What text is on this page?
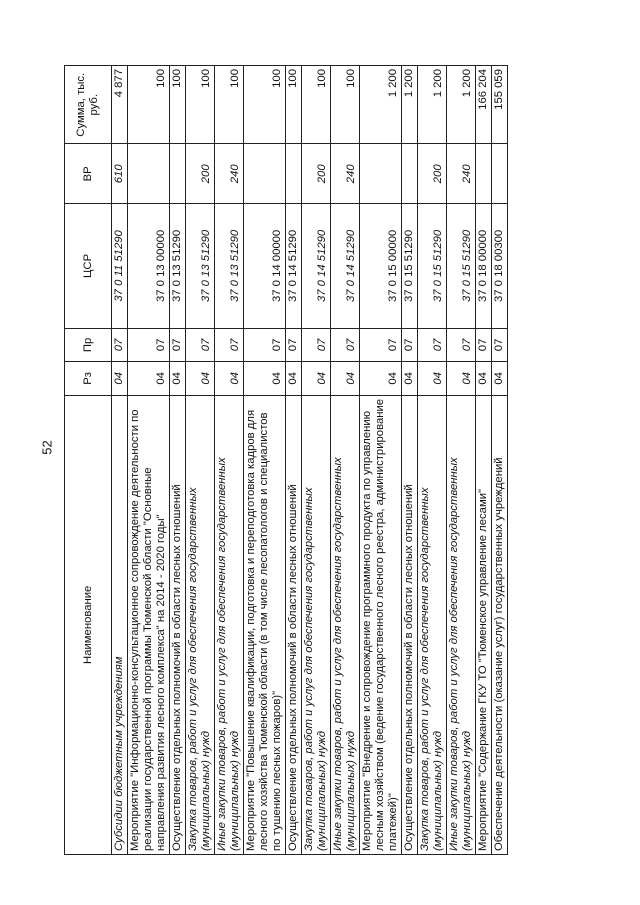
52
Наименование	Рз	Пр	ЦСР	ВР	Сумма, тыс. руб.
Субсидии бюджетным учреждениям	04	07	37 0 11 51290	610	4 877
Мероприятие "Информационно-консультационное сопровождение деятельности по реализации государственной программы Тюменской области "Основные направления развития лесного комплекса" на 2014 - 2020 годы"	04	07	37 0 13 00000		100
Осуществление отдельных полномочий в области лесных отношений	04	07	37 0 13 51290		100
Закупка товаров, работ и услуг для обеспечения государственных (муниципальных) нужд	04	07	37 0 13 51290	200	100
Иные закупки товаров, работ и услуг для обеспечения государственных (муниципальных) нужд	04	07	37 0 13 51290	240	100
Мероприятие "Повышение квалификации, подготовка и переподготовка кадров для лесного хозяйства Тюменской области (в том числе лесопатологов и специалистов по тушению лесных пожаров)"	04	07	37 0 14 00000		100
Осуществление отдельных полномочий в области лесных отношений	04	07	37 0 14 51290		100
Закупка товаров, работ и услуг для обеспечения государственных (муниципальных) нужд	04	07	37 0 14 51290	200	100
Иные закупки товаров, работ и услуг для обеспечения государственных (муниципальных) нужд	04	07	37 0 14 51290	240	100
Мероприятие "Внедрение и сопровождение программного продукта по управлению лесным хозяйством (ведение государственного лесного реестра, администрирование платежей)"	04	07	37 0 15 00000		1 200
Осуществление отдельных полномочий в области лесных отношений	04	07	37 0 15 51290		1 200
Закупка товаров, работ и услуг для обеспечения государственных (муниципальных) нужд	04	07	37 0 15 51290	200	1 200
Иные закупки товаров, работ и услуг для обеспечения государственных (муниципальных) нужд	04	07	37 0 15 51290	240	1 200
Мероприятие "Содержание ГКУ ТО "Тюменское управление лесами"	04	07	37 0 18 00000		166 204
Обеспечение деятельности (оказание услуг) государственных учреждений	04	07	37 0 18 00300		155 059
